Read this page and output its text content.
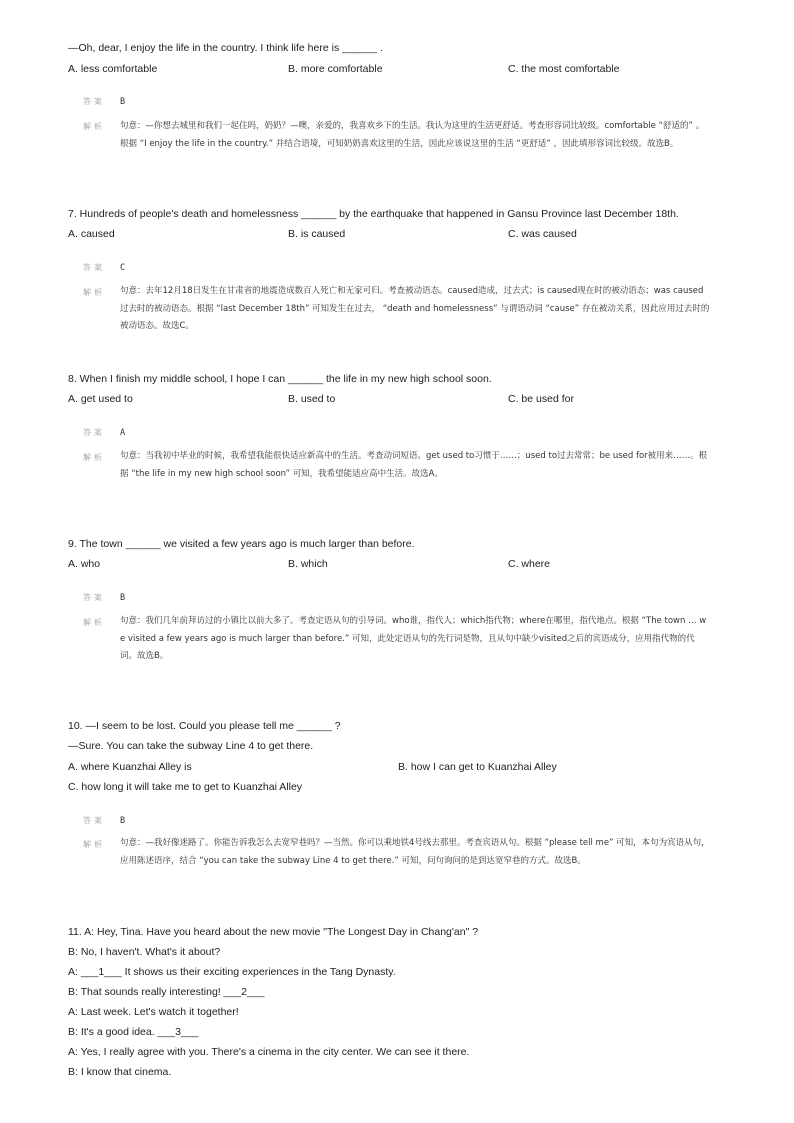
—Oh, dear, I enjoy the life in the country. I think life here is ______ .
A. less comfortable	B. more comfortable	C. the most comfortable
答案 B
解析 句意：—你想去城里和我们一起住吗，奶奶？—噢，亲爱的，我喜欢乡下的生活。我认为这里的生活更舒适。考查形容词比较级。comfortable “舒适的” 。根据 “I enjoy the life in the country.” 并结合语境，可知奶奶喜欢这里的生活，因此应该说这里的生活 “更舒适” ，因此填形容词比较级。故选B。
7. Hundreds of people's death and homelessness ______ by the earthquake that happened in Gansu Province last December 18th.
A. caused	B. is caused	C. was caused
答案 C
解析 句意：去年12月18日发生在甘肃省的地震造成数百人死亡和无家可归。考查被动语态。caused造成，过去式；is caused现在时的被动语态；was caused过去时的被动语态。根据 “last December 18th” 可知发生在过去， “death and homelessness” 与谓语动词 “cause” 存在被动关系，因此应用过去时的被动语态。故选C。
8. When I finish my middle school, I hope I can ______ the life in my new high school soon.
A. get used to	B. used to	C. be used for
答案 A
解析 句意：当我初中毕业的时候，我希望我能很快适应新高中的生活。考查动词短语。get used to习惯于……；used to过去常常；be used for被用来……。根据 “the life in my new high school soon” 可知，我希望能适应高中生活。故选A。
9. The town ______ we visited a few years ago is much larger than before.
A. who	B. which	C. where
答案 B
解析 句意：我们几年前拜访过的小镇比以前大多了。考查定语从句的引导词。who谁，指代人；which指代物；where在哪里，指代地点。根据 “The town … we visited a few years ago is much larger than before.” 可知，此处定语从句的先行词是物，且从句中缺少visited之后的宾语成分，应用指代物的代词。故选B。
10. —I seem to be lost. Could you please tell me ______ ?
—Sure. You can take the subway Line 4 to get there.
A. where Kuanzhai Alley is	B. how I can get to Kuanzhai Alley
C. how long it will take me to get to Kuanzhai Alley
答案 B
解析 句意：—我好像迷路了。你能告诉我怎么去宽窄巷吗？—当然。你可以乘地铁4号线去那里。考查宾语从句。根据 “please tell me” 可知，本句为宾语从句，应用陈述语序，结合 “you can take the subway Line 4 to get there.” 可知，问句询问的是到达宽窄巷的方式。故选B。
11. A: Hey, Tina. Have you heard about the new movie "The Longest Day in Chang'an" ?
B: No, I haven't. What's it about?
A: ___1___ It shows us their exciting experiences in the Tang Dynasty.
B: That sounds really interesting! ___2___
A: Last week. Let's watch it together!
B: It's a good idea. ___3___
A: Yes, I really agree with you. There's a cinema in the city center. We can see it there.
B: I know that cinema.
